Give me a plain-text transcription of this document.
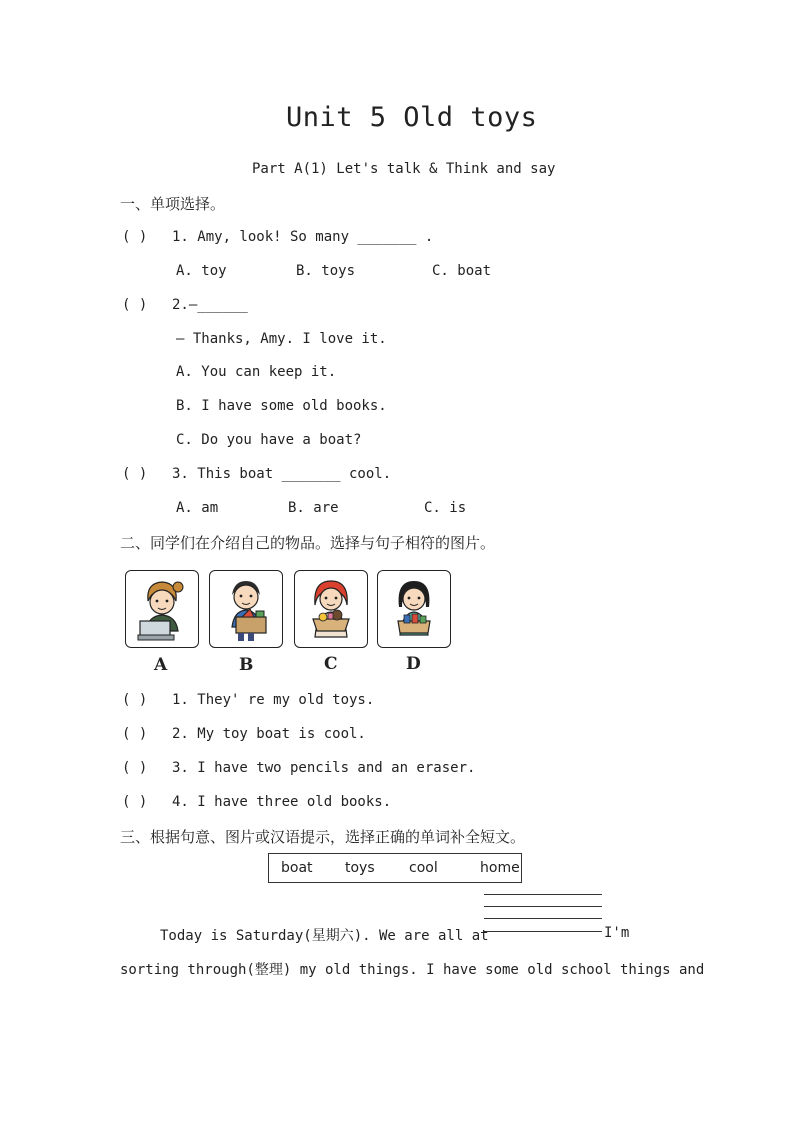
Unit 5 Old toys
Part A(1) Let's talk & Think and say
一、单项选择。
( ) 1. Amy, look! So many _______ .
A. toy	B. toys	C. boat
( ) 2.—______
— Thanks, Amy. I love it.
A. You can keep it.
B. I have some old books.
C. Do you have a boat?
( ) 3. This boat _______ cool.
A. am	B. are	C. is
二、同学们在介绍自己的物品。选择与句子相符的图片。
A	B	C	D
( ) 1. They' re my old toys.
( ) 2. My toy boat is cool.
( ) 3. I have two pencils and an eraser.
( ) 4. I have three old books.
三、根据句意、图片或汉语提示，选择正确的单词补全短文。
boat toys cool	home
Today is Saturday(星期六). We are all at	I'm
sorting through(整理) my old things. I have some old school things and
